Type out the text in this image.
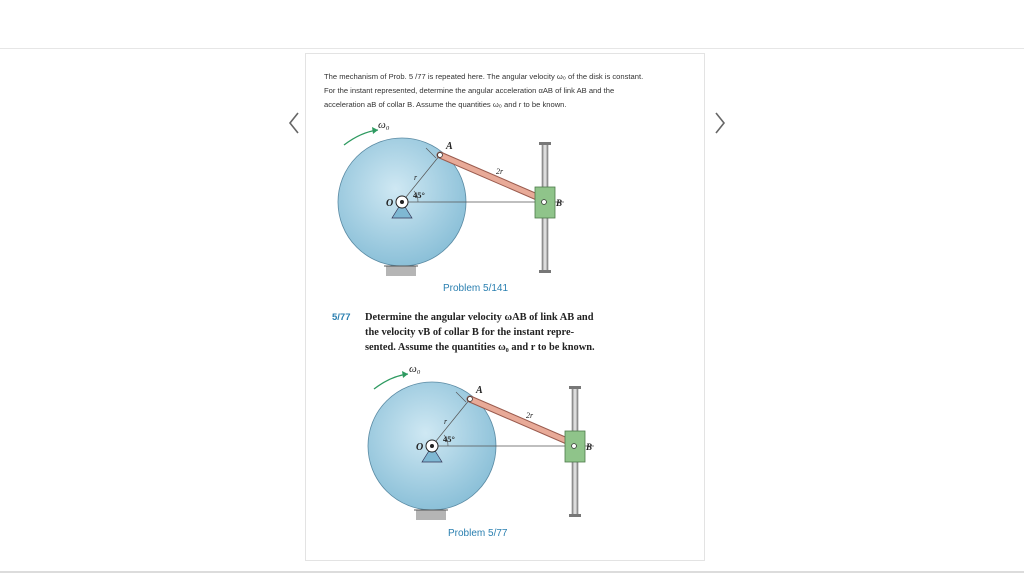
The mechanism of Prob. 5 /77 is repeated here. The angular velocity ω₀ of the disk is constant.
For the instant represented, determine the angular acceleration αAB of link AB and the
acceleration aB of collar B. Assume the quantities ω₀ and r to be known.
ω₀
A
O	B
r
2r
45°
Problem 5/141
5/77 Determine the angular velocity ωAB of link AB and
the velocity vB of collar B for the instant repre-
sented. Assume the quantities ω₀ and r to be known.
ω₀
A
O	B
r
2r
45°
Problem 5/77
